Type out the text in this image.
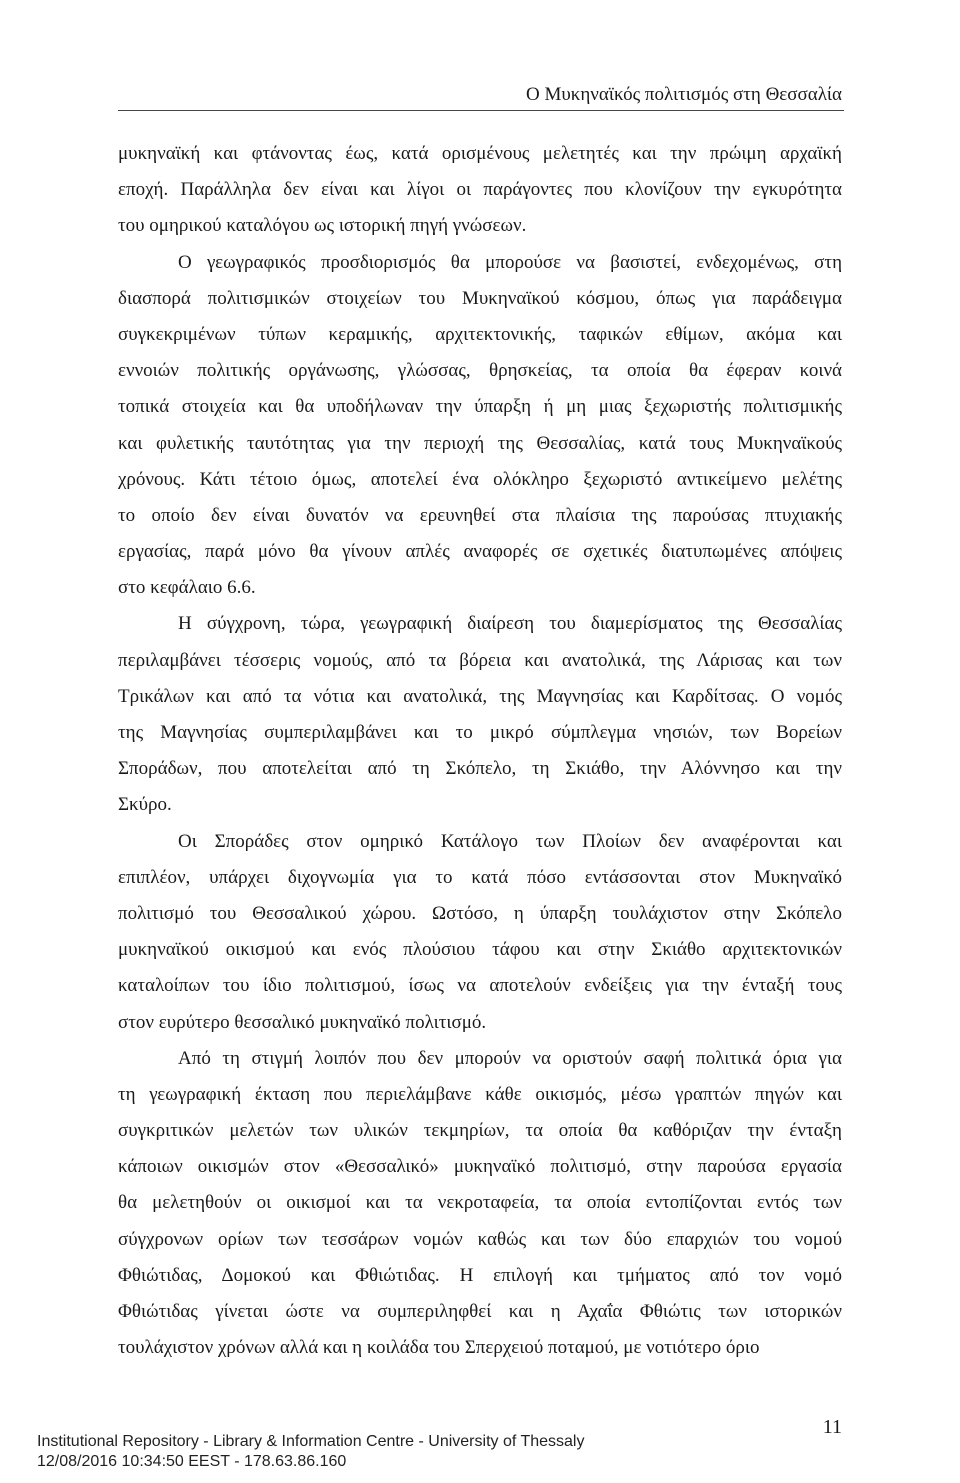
Ο Μυκηναϊκός πολιτισμός στη Θεσσαλία
μυκηναϊκή και φτάνοντας έως, κατά ορισμένους μελετητές και την πρώιμη αρχαϊκή
εποχή. Παράλληλα δεν είναι και λίγοι οι παράγοντες που κλονίζουν την εγκυρότητα
του ομηρικού καταλόγου ως ιστορική πηγή γνώσεων.
Ο γεωγραφικός προσδιορισμός θα μπορούσε να βασιστεί, ενδεχομένως, στη
διασπορά πολιτισμικών στοιχείων του Μυκηναϊκού κόσμου, όπως για παράδειγμα
συγκεκριμένων τύπων κεραμικής, αρχιτεκτονικής, ταφικών εθίμων, ακόμα και
εννοιών πολιτικής οργάνωσης, γλώσσας, θρησκείας, τα οποία θα έφεραν κοινά
τοπικά στοιχεία και θα υποδήλωναν την ύπαρξη ή μη μιας ξεχωριστής πολιτισμικής
και φυλετικής ταυτότητας για την περιοχή της Θεσσαλίας, κατά τους Μυκηναϊκούς
χρόνους. Κάτι τέτοιο όμως, αποτελεί ένα ολόκληρο ξεχωριστό αντικείμενο μελέτης
το οποίο δεν είναι δυνατόν να ερευνηθεί στα πλαίσια της παρούσας πτυχιακής
εργασίας, παρά μόνο θα γίνουν απλές αναφορές σε σχετικές διατυπωμένες απόψεις
στο κεφάλαιο 6.6.
Η σύγχρονη, τώρα, γεωγραφική διαίρεση του διαμερίσματος της Θεσσαλίας
περιλαμβάνει τέσσερις νομούς, από τα βόρεια και ανατολικά, της Λάρισας και των
Τρικάλων και από τα νότια και ανατολικά, της Μαγνησίας και Καρδίτσας. Ο νομός
της Μαγνησίας συμπεριλαμβάνει και το μικρό σύμπλεγμα νησιών, των Βορείων
Σποράδων, που αποτελείται από τη Σκόπελο, τη Σκιάθο, την Αλόννησο και την
Σκύρο.
Οι Σποράδες στον ομηρικό Κατάλογο των Πλοίων δεν αναφέρονται και
επιπλέον, υπάρχει διχογνωμία για το κατά πόσο εντάσσονται στον Μυκηναϊκό
πολιτισμό του Θεσσαλικού χώρου. Ωστόσο, η ύπαρξη τουλάχιστον στην Σκόπελο
μυκηναϊκού οικισμού και ενός πλούσιου τάφου και στην Σκιάθο αρχιτεκτονικών
καταλοίπων του ίδιο πολιτισμού, ίσως να αποτελούν ενδείξεις για την ένταξή τους
στον ευρύτερο θεσσαλικό μυκηναϊκό πολιτισμό.
Από τη στιγμή λοιπόν που δεν μπορούν να οριστούν σαφή πολιτικά όρια για
τη γεωγραφική έκταση που περιελάμβανε κάθε οικισμός, μέσω γραπτών πηγών και
συγκριτικών μελετών των υλικών τεκμηρίων, τα οποία θα καθόριζαν την ένταξη
κάποιων οικισμών στον «Θεσσαλικό» μυκηναϊκό πολιτισμό, στην παρούσα εργασία
θα μελετηθούν οι οικισμοί και τα νεκροταφεία, τα οποία εντοπίζονται εντός των
σύγχρονων ορίων των τεσσάρων νομών καθώς και των δύο επαρχιών του νομού
Φθιώτιδας, Δομοκού και Φθιώτιδας. Η επιλογή και τμήματος από τον νομό
Φθιώτιδας γίνεται ώστε να συμπεριληφθεί και η Αχαΐα Φθιώτις των ιστορικών
τουλάχιστον χρόνων αλλά και η κοιλάδα του Σπερχειού ποταμού, με νοτιότερο όριο
11
Institutional Repository - Library & Information Centre - University of Thessaly
12/08/2016 10:34:50 EEST - 178.63.86.160
